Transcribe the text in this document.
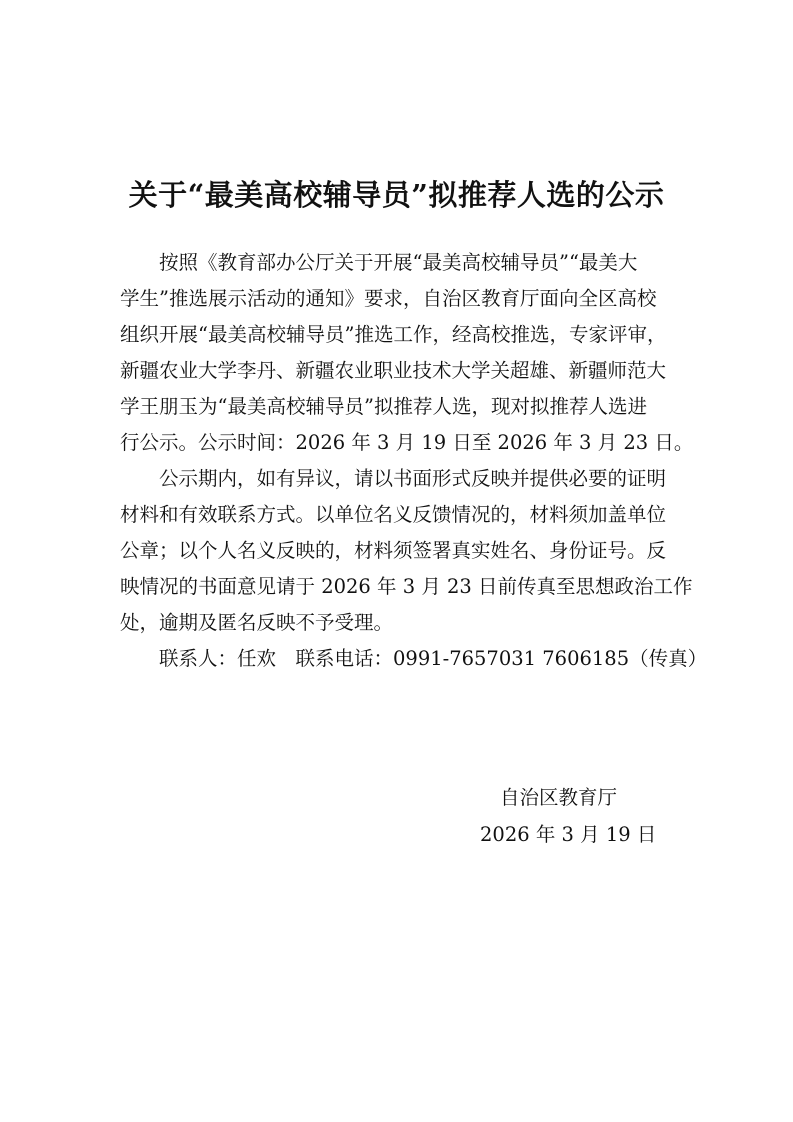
关于“最美高校辅导员”拟推荐人选的公示

按照《教育部办公厅关于开展“最美高校辅导员”“最美大
学生”推选展示活动的通知》要求，自治区教育厅面向全区高校
组织开展“最美高校辅导员”推选工作，经高校推选，专家评审，
新疆农业大学李丹、新疆农业职业技术大学关超雄、新疆师范大
学王朋玉为“最美高校辅导员”拟推荐人选，现对拟推荐人选进
行公示。公示时间：2026 年 3 月 19 日至 2026 年 3 月 23 日。

公示期内，如有异议，请以书面形式反映并提供必要的证明
材料和有效联系方式。以单位名义反馈情况的，材料须加盖单位
公章；以个人名义反映的，材料须签署真实姓名、身份证号。反
映情况的书面意见请于 2026 年 3 月 23 日前传真至思想政治工作
处，逾期及匿名反映不予受理。

联系人：任欢　联系电话：0991-7657031 7606185（传真）

自治区教育厅
2026 年 3 月 19 日
